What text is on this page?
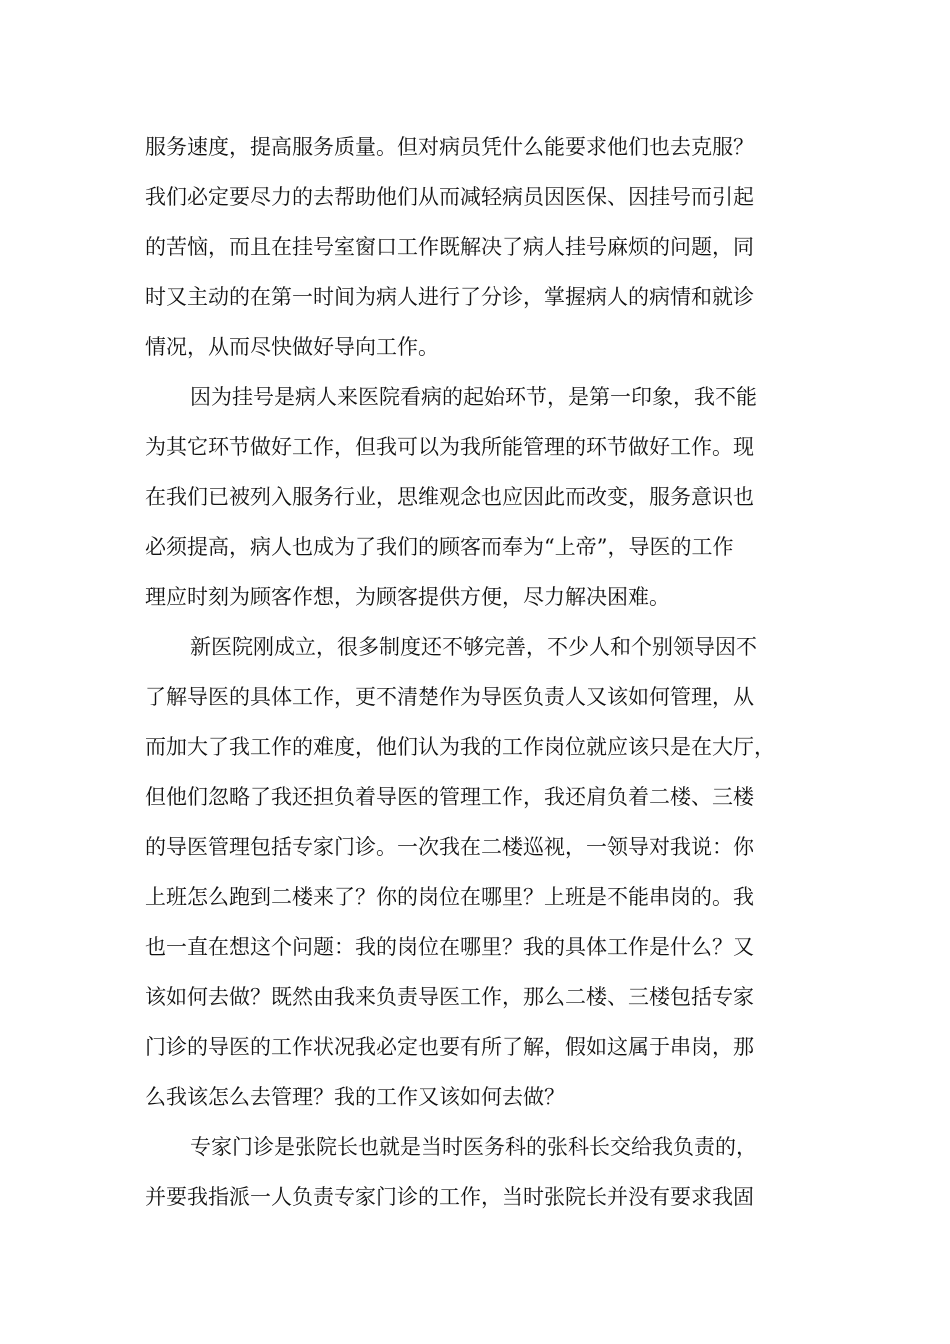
服务速度，提高服务质量。但对病员凭什么能要求他们也去克服？

我们必定要尽力的去帮助他们从而减轻病员因医保、因挂号而引起

的苦恼，而且在挂号室窗口工作既解决了病人挂号麻烦的问题，同

时又主动的在第一时间为病人进行了分诊，掌握病人的病情和就诊

情况，从而尽快做好导向工作。

因为挂号是病人来医院看病的起始环节，是第一印象，我不能

为其它环节做好工作，但我可以为我所能管理的环节做好工作。现

在我们已被列入服务行业，思维观念也应因此而改变，服务意识也

必须提高，病人也成为了我们的顾客而奉为“上帝”，导医的工作

理应时刻为顾客作想，为顾客提供方便，尽力解决困难。

新医院刚成立，很多制度还不够完善，不少人和个别领导因不

了解导医的具体工作，更不清楚作为导医负责人又该如何管理，从

而加大了我工作的难度，他们认为我的工作岗位就应该只是在大厅，

但他们忽略了我还担负着导医的管理工作，我还肩负着二楼、三楼

的导医管理包括专家门诊。一次我在二楼巡视，一领导对我说：你

上班怎么跑到二楼来了？你的岗位在哪里？上班是不能串岗的。我

也一直在想这个问题：我的岗位在哪里？我的具体工作是什么？又

该如何去做？既然由我来负责导医工作，那么二楼、三楼包括专家

门诊的导医的工作状况我必定也要有所了解，假如这属于串岗，那

么我该怎么去管理？我的工作又该如何去做？

专家门诊是张院长也就是当时医务科的张科长交给我负责的，

并要我指派一人负责专家门诊的工作，当时张院长并没有要求我固
